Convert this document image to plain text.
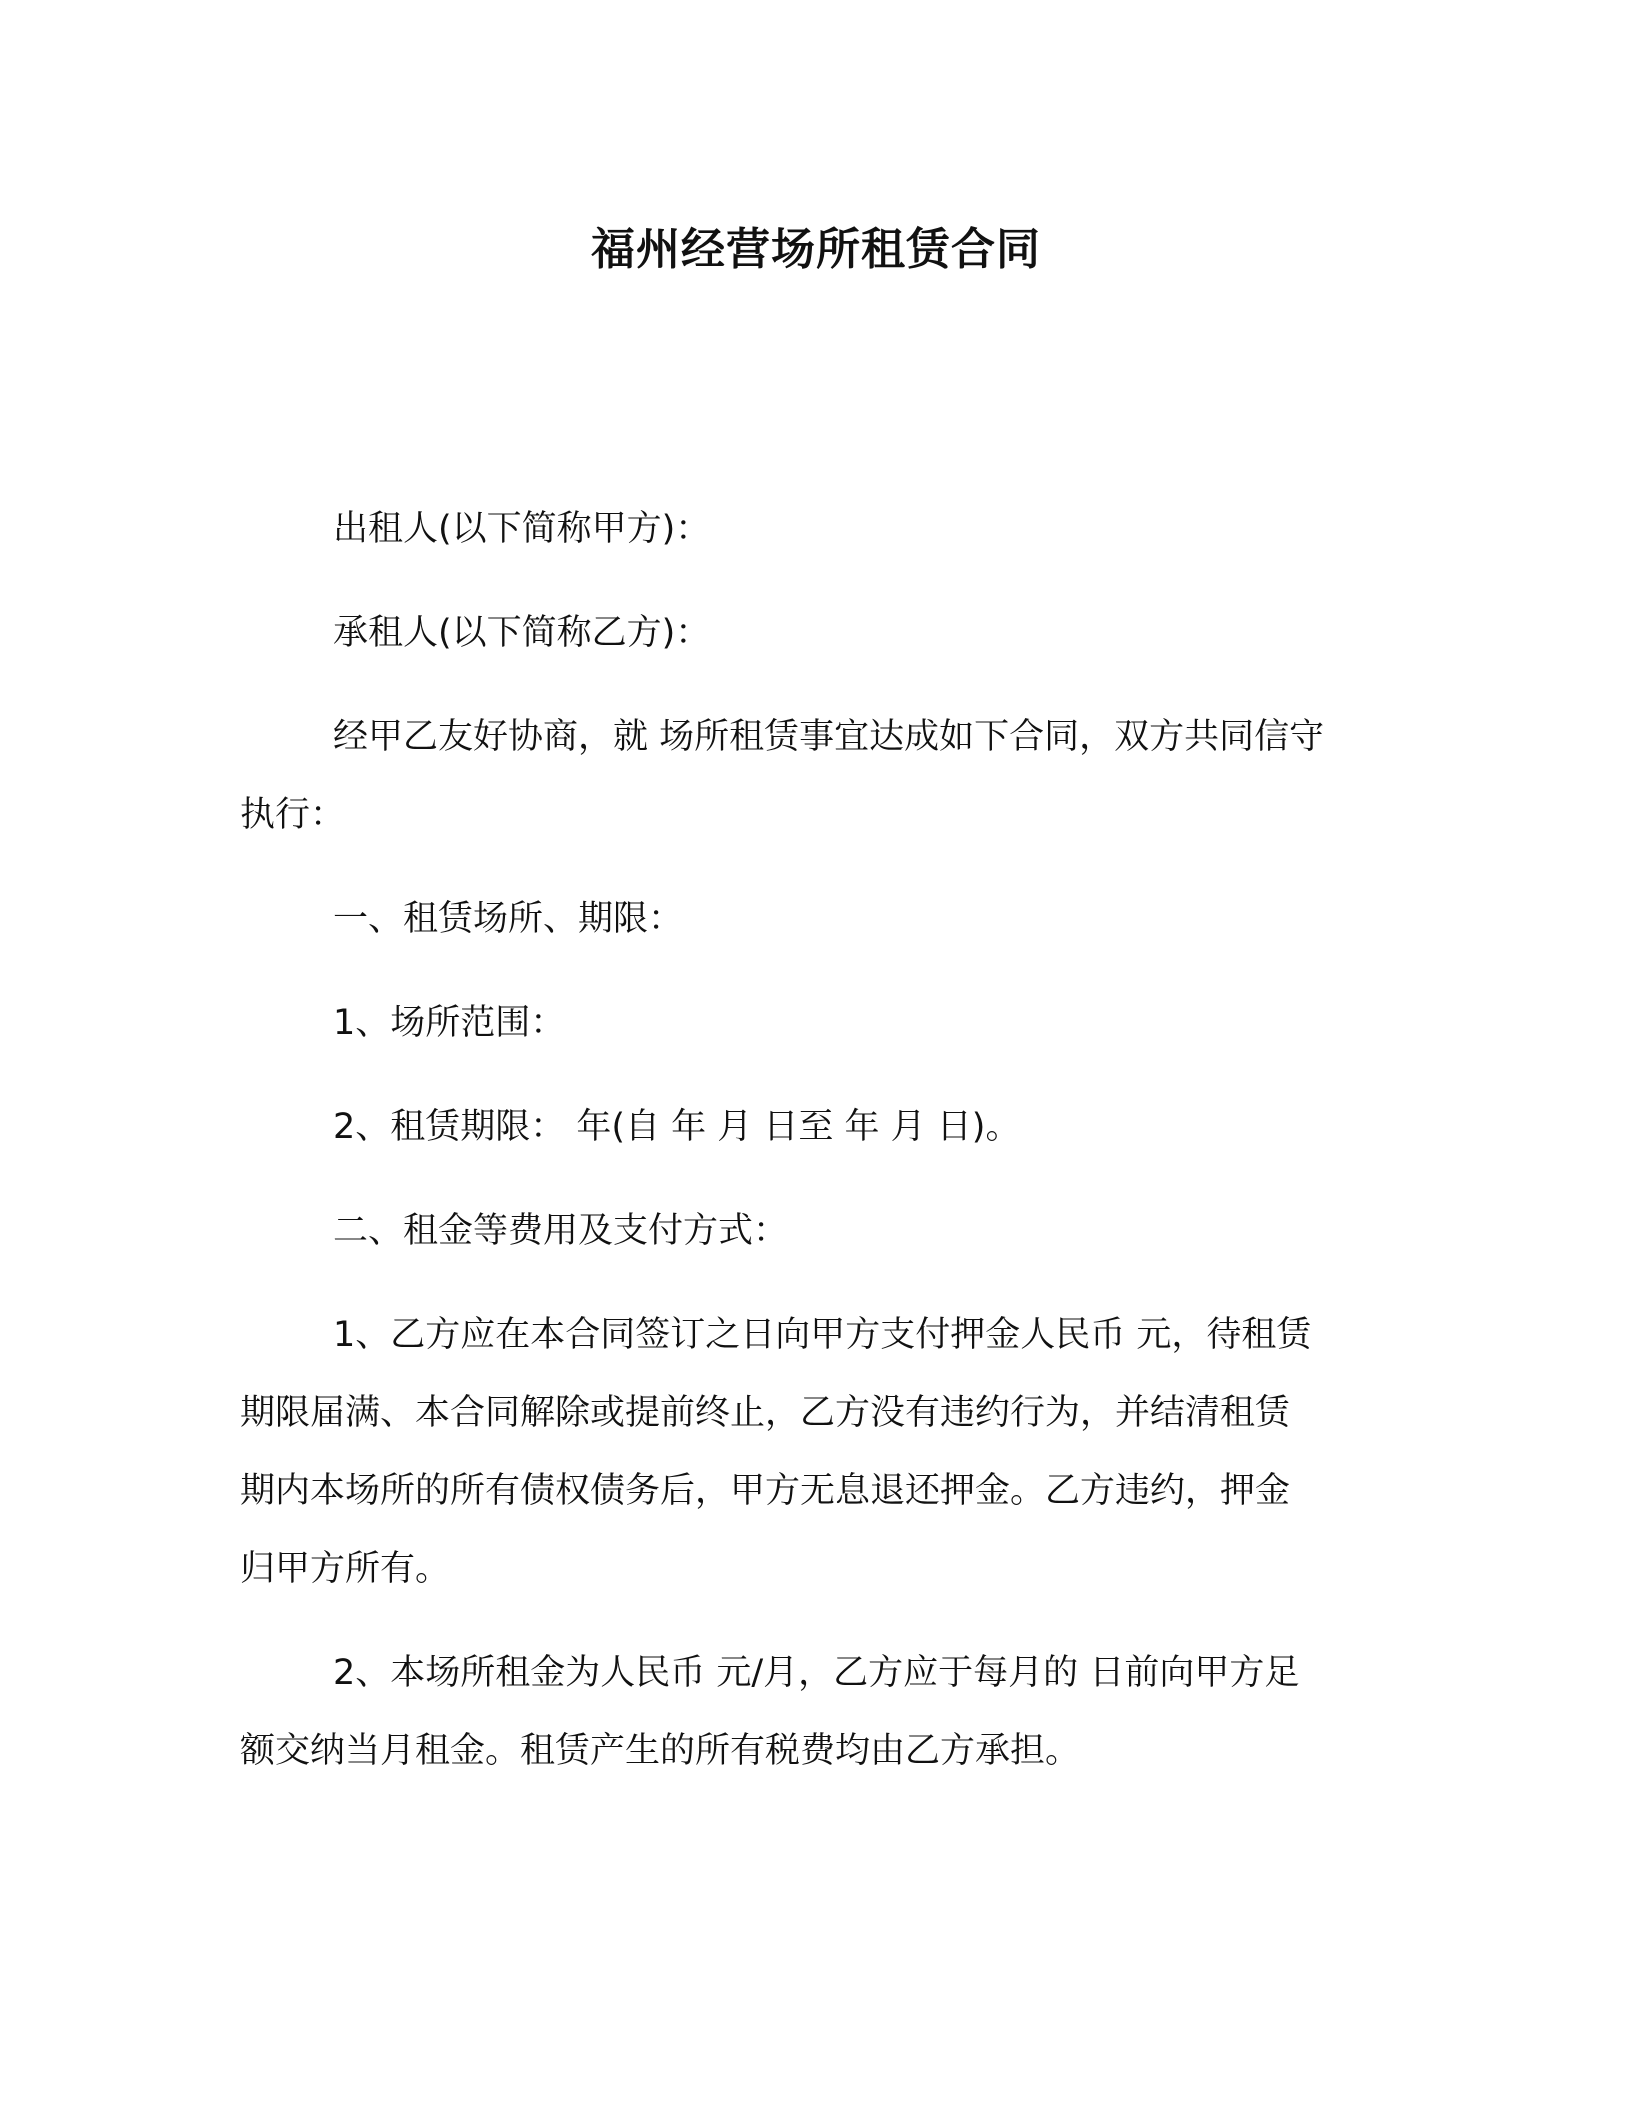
福州经营场所租赁合同
出租人(以下简称甲方)：
承租人(以下简称乙方)：
经甲乙友好协商，就 场所租赁事宜达成如下合同，双方共同信守
执行：
一、租赁场所、期限：
1、场所范围：
2、租赁期限： 年(自 年 月 日至 年 月 日)。
二、租金等费用及支付方式：
1、乙方应在本合同签订之日向甲方支付押金人民币 元，待租赁
期限届满、本合同解除或提前终止，乙方没有违约行为，并结清租赁
期内本场所的所有债权债务后，甲方无息退还押金。乙方违约，押金
归甲方所有。
2、本场所租金为人民币 元/月，乙方应于每月的 日前向甲方足
额交纳当月租金。租赁产生的所有税费均由乙方承担。
